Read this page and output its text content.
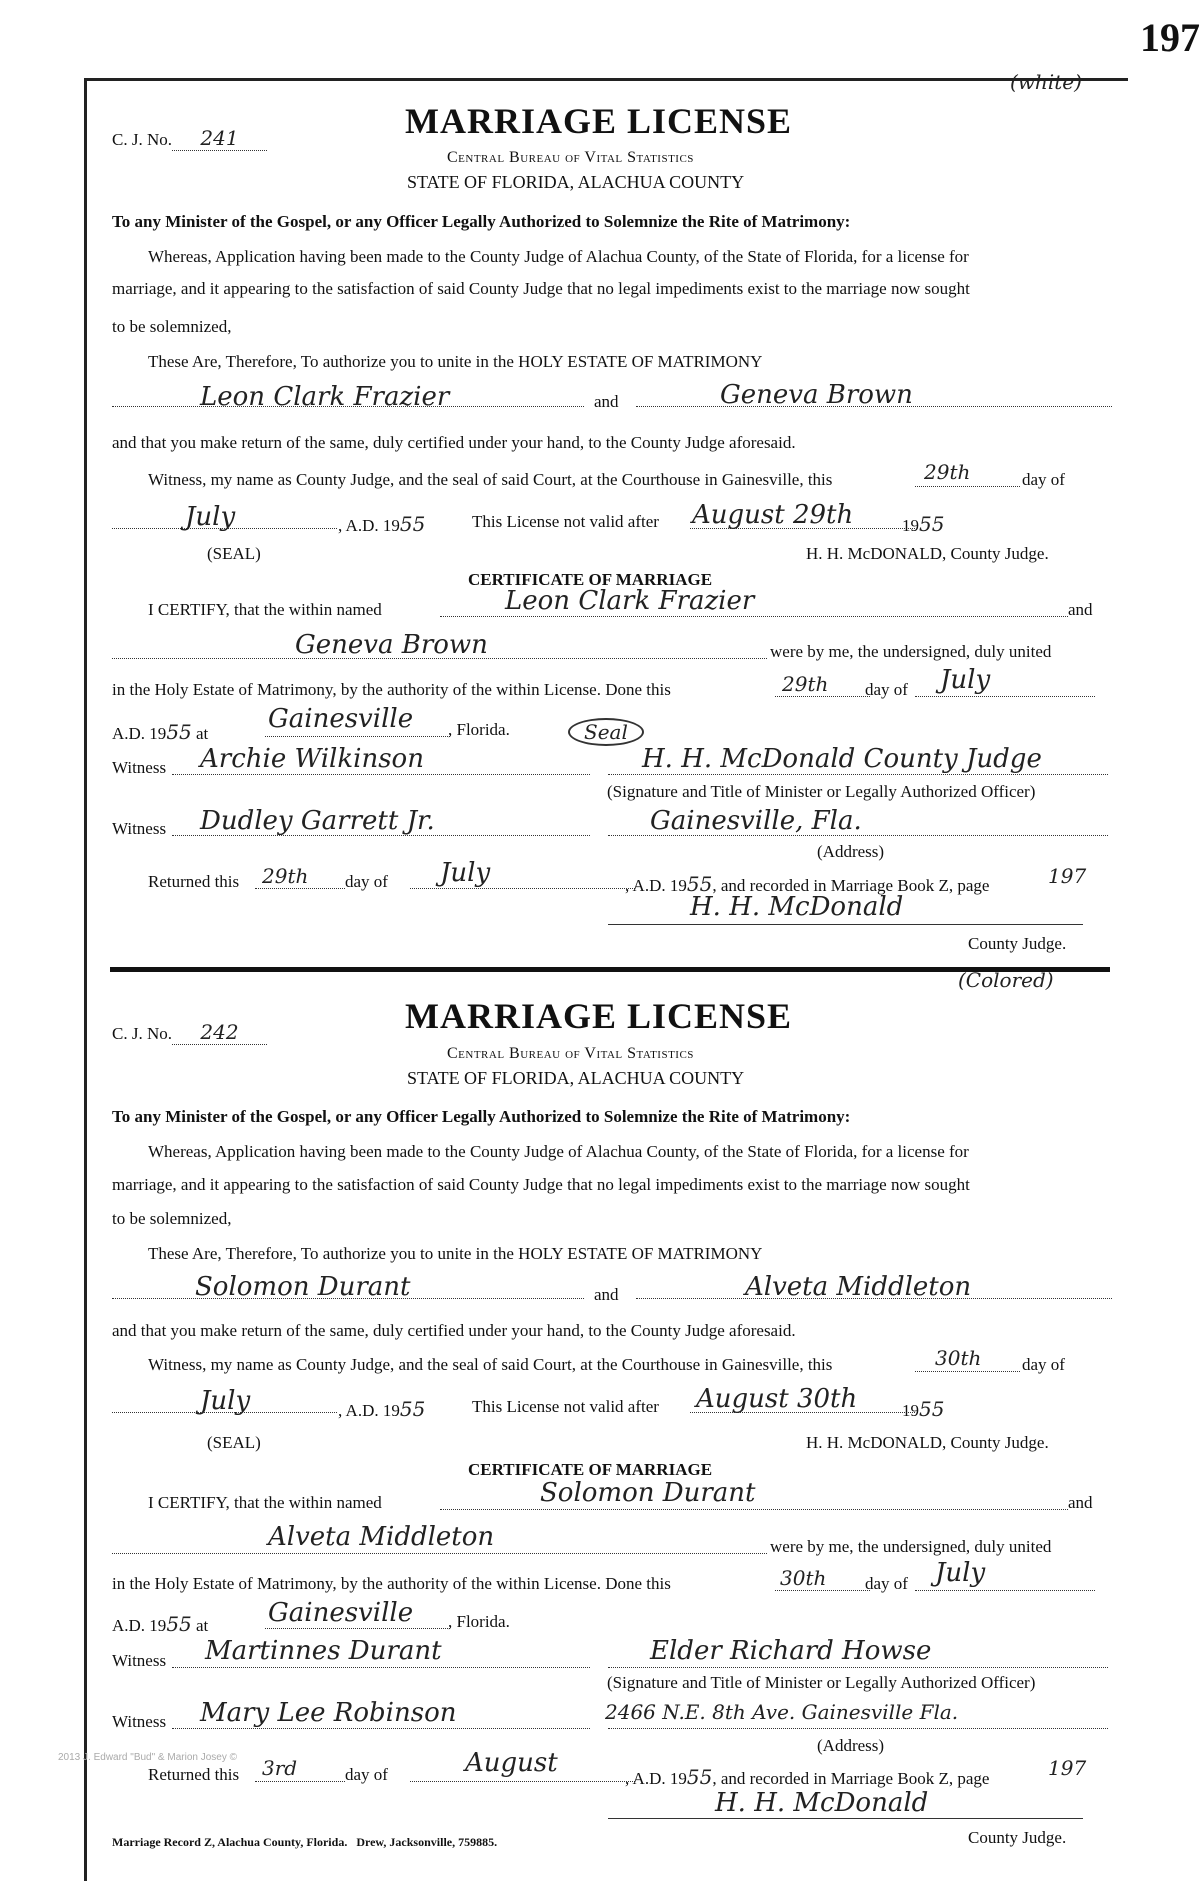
197
(white)
C. J. No. 241	MARRIAGE LICENSE
Central Bureau of Vital Statistics
STATE OF FLORIDA, ALACHUA COUNTY
To any Minister of the Gospel, or any Officer Legally Authorized to Solemnize the Rite of Matrimony:
Whereas, Application having been made to the County Judge of Alachua County, of the State of Florida, for a license for
marriage, and it appearing to the satisfaction of said County Judge that no legal impediments exist to the marriage now sought
to be solemnized,
These Are, Therefore, To authorize you to unite in the HOLY ESTATE OF MATRIMONY
Leon Clark Frazier	and	Geneva Brown
and that you make return of the same, duly certified under your hand, to the County Judge aforesaid.
Witness, my name as County Judge, and the seal of said Court, at the Courthouse in Gainesville, this	29th	day of
July	, A.D. 1955	This License not valid after August 29th	1955
(SEAL)	H. H. McDONALD, County Judge.
CERTIFICATE OF MARRIAGE
I CERTIFY, that the within named	Leon Clark Frazier	and
Geneva Brown	were by me, the undersigned, duly united
in the Holy Estate of Matrimony, by the authority of the within License. Done this	29th day of July
A.D. 1955 at Gainesville , Florida.	Seal
Witness Archie Wilkinson	H. H. McDonald County Judge
(Signature and Title of Minister or Legally Authorized Officer)
Witness Dudley Garrett Jr.	Gainesville, Fla.
(Address)
Returned this 29th day of July	, A.D. 1955, and recorded in Marriage Book Z, page	197
H. H. McDonald
County Judge.
(Colored)
C. J. No. 242	MARRIAGE LICENSE
Central Bureau of Vital Statistics
STATE OF FLORIDA, ALACHUA COUNTY
To any Minister of the Gospel, or any Officer Legally Authorized to Solemnize the Rite of Matrimony:
Whereas, Application having been made to the County Judge of Alachua County, of the State of Florida, for a license for
marriage, and it appearing to the satisfaction of said County Judge that no legal impediments exist to the marriage now sought
to be solemnized,
These Are, Therefore, To authorize you to unite in the HOLY ESTATE OF MATRIMONY
Solomon Durant	and	Alveta Middleton
and that you make return of the same, duly certified under your hand, to the County Judge aforesaid.
Witness, my name as County Judge, and the seal of said Court, at the Courthouse in Gainesville, this	30th day of
July	, A.D. 1955	This License not valid after August 30th	1955
(SEAL)	H. H. McDONALD, County Judge.
CERTIFICATE OF MARRIAGE
I CERTIFY, that the within named	Solomon Durant	and
Alveta Middleton	were by me, the undersigned, duly united
in the Holy Estate of Matrimony, by the authority of the within License. Done this	30th day of July
A.D. 1955 at Gainesville , Florida.
Witness Martinnes Durant	Elder Richard Howse
(Signature and Title of Minister or Legally Authorized Officer)
Witness Mary Lee Robinson	2466 N.E. 8th Ave. Gainesville Fla.
(Address)
Returned this 3rd	day of	August
, A.D. 1955, and recorded in Marriage Book Z, page	197
H. H. McDonald
County Judge.
Marriage Record Z, Alachua County, Florida. Drew, Jacksonville, 759885.
2013 J. Edward "Bud" & Marion Josey ©
